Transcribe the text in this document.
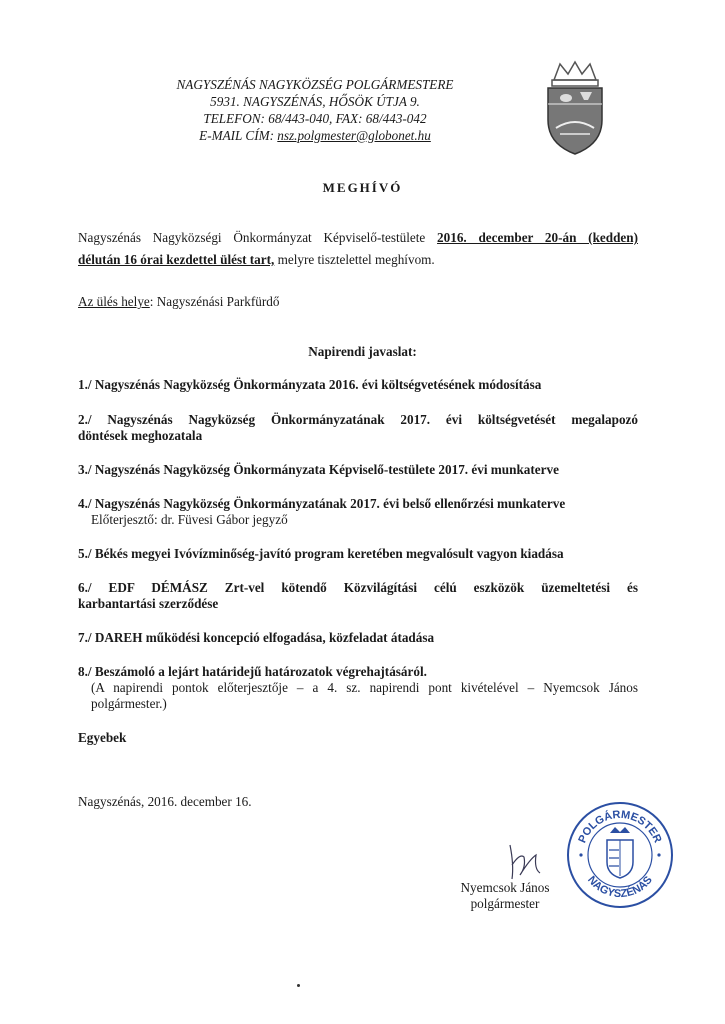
NAGYSZÉNÁS NAGYKÖZSÉG POLGÁRMESTERE
5931. NAGYSZÉNÁS, HŐSÖK ÚTJA 9.
TELEFON: 68/443-040, FAX: 68/443-042
E-MAIL CÍM: nsz.polgmester@globonet.hu
MEGHÍVÓ
Nagyszénás Nagyközségi Önkormányzat Képviselő-testülete 2016. december 20-án (kedden)
délután 16 órai kezdettel ülést tart, melyre tisztelettel meghívom.
Az ülés helye: Nagyszénási Parkfürdő
Napirendi javaslat:
1./ Nagyszénás Nagyközség Önkormányzata 2016. évi költségvetésének módosítása
2./ Nagyszénás Nagyközség Önkormányzatának 2017. évi költségvetését megalapozó
döntések meghozatala
3./ Nagyszénás Nagyközség Önkormányzata Képviselő-testülete 2017. évi munkaterve
4./ Nagyszénás Nagyközség Önkormányzatának 2017. évi belső ellenőrzési munkaterve
Előterjesztő: dr. Füvesi Gábor jegyző
5./ Békés megyei Ivóvízminőség-javító program keretében megvalósult vagyon kiadása
6./ EDF DÉMÁSZ Zrt-vel kötendő Közvilágítási célú eszközök üzemeltetési és
karbantartási szerződése
7./ DAREH működési koncepció elfogadása, közfeladat átadása
8./ Beszámoló a lejárt határidejű határozatok végrehajtásáról.
(A napirendi pontok előterjesztője – a 4. sz. napirendi pont kivételével – Nyemcsok János
polgármester.)
Egyebek
Nagyszénás, 2016. december 16.
Nyemcsok János
polgármester
POLGÁRMESTER
NAGYSZÉNÁS
